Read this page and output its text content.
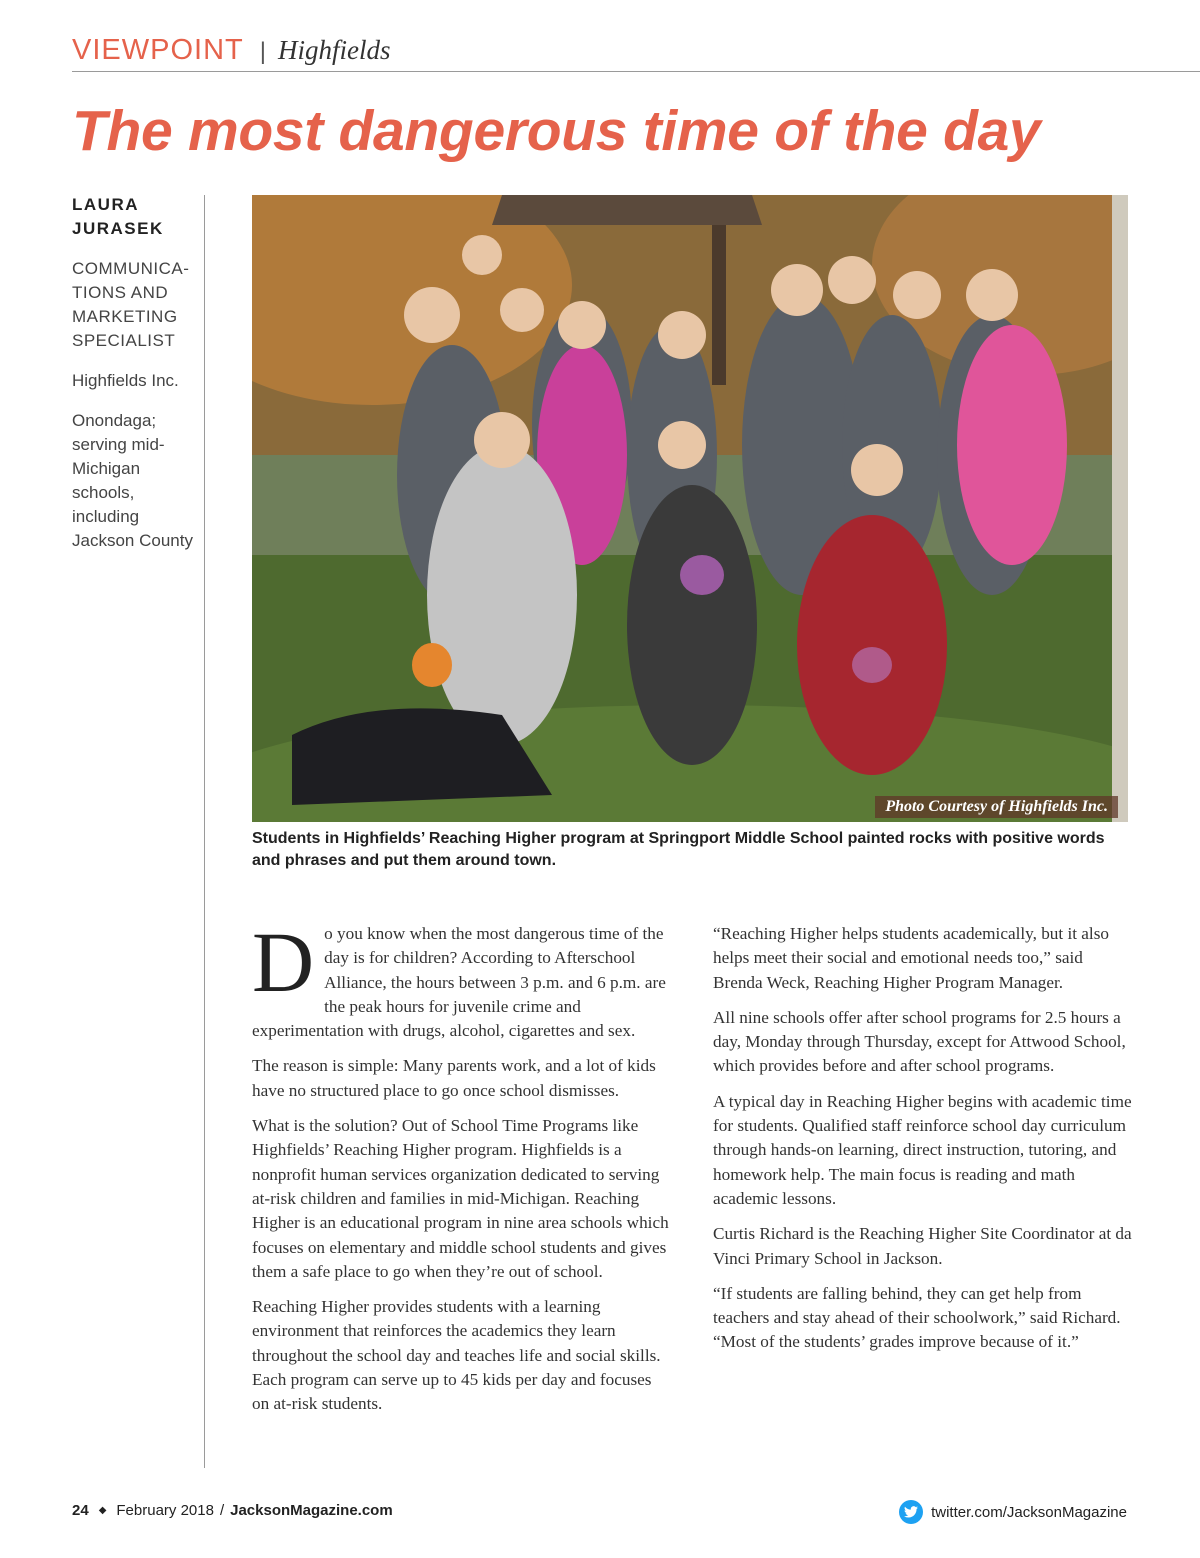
VIEWPOINT | Highfields
The most dangerous time of the day
LAURA JURASEK
COMMUNICA-TIONS AND MARKETING SPECIALIST
Highfields Inc.
Onondaga; serving mid-Michigan schools, including Jackson County
Photo Courtesy of Highfields Inc.
Students in Highfields’ Reaching Higher program at Springport Middle School painted rocks with positive words and phrases and put them around town.

Do you know when the most dangerous time of the day is for children? According to Afterschool Alliance, the hours between 3 p.m. and 6 p.m. are the peak hours for juvenile crime and experimentation with drugs, alcohol, cigarettes and sex.

The reason is simple: Many parents work, and a lot of kids have no structured place to go once school dismisses.

What is the solution? Out of School Time Programs like Highfields’ Reaching Higher program. Highfields is a nonprofit human services organization dedicated to serving at-risk children and families in mid-Michigan. Reaching Higher is an educational program in nine area schools which focuses on elementary and middle school students and gives them a safe place to go when they’re out of school.

Reaching Higher provides students with a learning environment that reinforces the academics they learn throughout the school day and teaches life and social skills. Each program can serve up to 45 kids per day and focuses on at-risk students.

“Reaching Higher helps students academically, but it also helps meet their social and emotional needs too,” said Brenda Weck, Reaching Higher Program Manager.

All nine schools offer after school programs for 2.5 hours a day, Monday through Thursday, except for Attwood School, which provides before and after school programs.

A typical day in Reaching Higher begins with academic time for students. Qualified staff reinforce school day curriculum through hands-on learning, direct instruction, tutoring, and homework help. The main focus is reading and math academic lessons.

Curtis Richard is the Reaching Higher Site Coordinator at da Vinci Primary School in Jackson.

“If students are falling behind, they can get help from teachers and stay ahead of their schoolwork,” said Richard. “Most of the students’ grades improve because of it.”

24 ◆ February 2018 / JacksonMagazine.com	twitter.com/JacksonMagazine
